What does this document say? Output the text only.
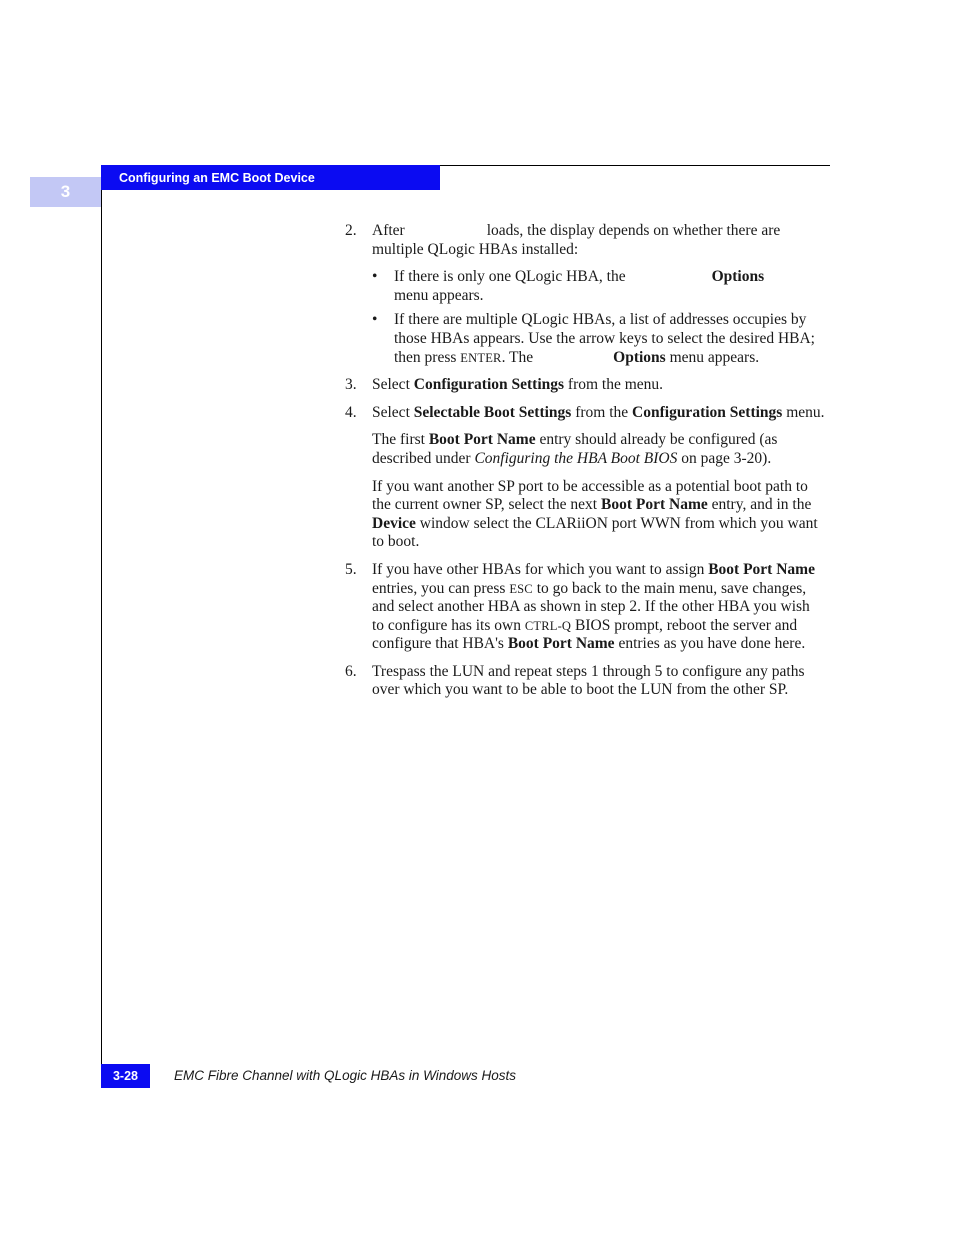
3
Configuring an EMC Boot Device
2. After	loads, the display depends on whether there are multiple QLogic HBAs installed:
• If there is only one QLogic HBA, the	Optionsmenu appears.
• If there are multiple QLogic HBAs, a list of addresses occupies by those HBAs appears. Use the arrow keys to select the desired HBA; then press ENTER. The	Options menu appears.
3. Select Configuration Settings from the menu.
4. Select Selectable Boot Settings from the Configuration Settings menu.
The first Boot Port Name entry should already be configured (as described under Configuring the HBA Boot BIOS on page 3-20).
If you want another SP port to be accessible as a potential boot path to the current owner SP, select the next Boot Port Name entry, and in the Device window select the CLARiiON port WWN from which you want to boot.
5. If you have other HBAs for which you want to assign Boot Port Name entries, you can press ESC to go back to the main menu, save changes, and select another HBA as shown in step 2. If the other HBA you wish to configure has its own CTRL-Q BIOS prompt, reboot the server and configure that HBA's Boot Port Name entries as you have done here.
6. Trespass the LUN and repeat steps 1 through 5 to configure any paths over which you want to be able to boot the LUN from the other SP.
3-28	EMC Fibre Channel with QLogic HBAs in Windows Hosts
